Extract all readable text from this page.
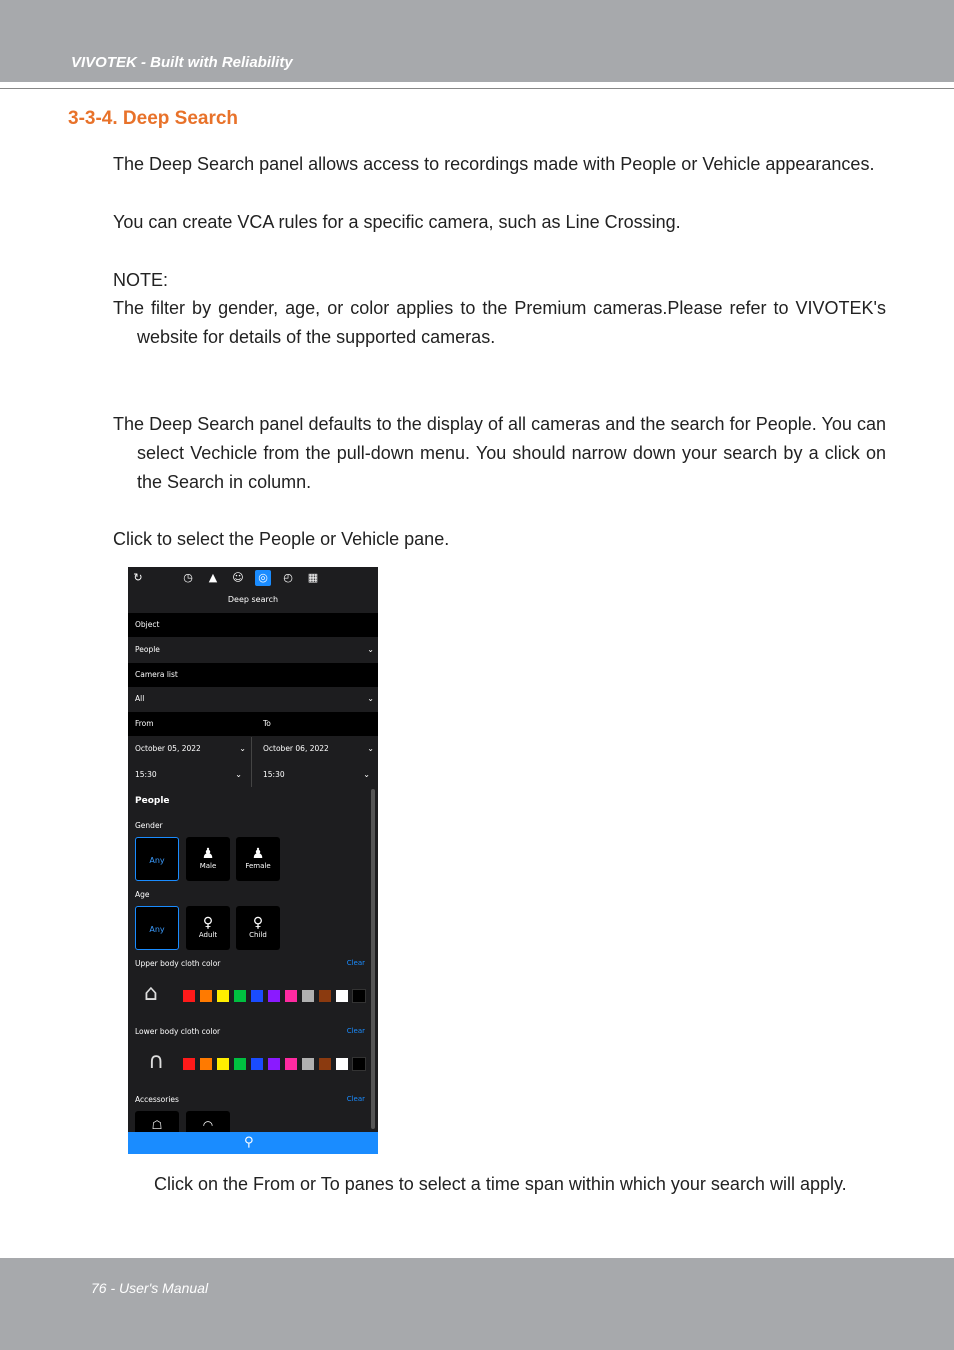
VIVOTEK - Built with Reliability
3-3-4. Deep Search
The Deep Search panel allows access to recordings made with People or Vehicle appearances.
You can create VCA rules for a specific camera, such as Line Crossing.
NOTE:
The filter by gender, age, or color applies to the Premium cameras.Please refer to VIVOTEK's website for details of the supported cameras.
The Deep Search panel defaults to the display of all cameras and the search for People. You can select Vechicle from the pull-down menu. You should narrow down your search by a click on the Search in column.
Click to select the People or Vehicle pane.
↻	◷	▲	☺ ◎ ◴ ▦
Deep search
Object
People	⌄
Camera list
All	⌄
From	To
October 05, 2022	⌄	October 06, 2022	⌄
15:30	⌄	15:30	⌄
People
Gender
Any	♟
Male
♟
Female
Age
Any	♀
Adult
♀
Child
Upper body cloth color	Clear
⌂
Lower body cloth color	Clear
∩
Accessories	Clear
☖	◠
⚲
Click on the From or To panes to select a time span within which your search will apply.
76 - User's Manual
